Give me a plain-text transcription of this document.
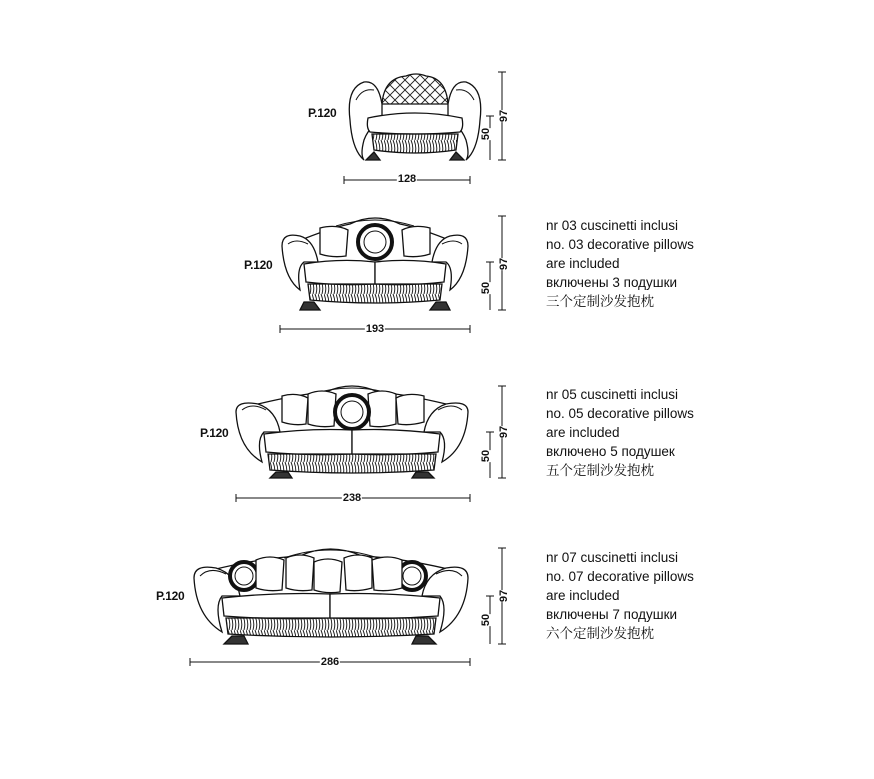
P.120
128
97
50
P.120
193
97
50
nr 03 cuscinetti inclusi
no. 03 decorative pillows
are included
включены 3 подушки
三个定制沙发抱枕
P.120
238
97
50
nr 05 cuscinetti inclusi
no. 05 decorative pillows
are included
включено 5 подушек
五个定制沙发抱枕
P.120
286
97
50
nr 07 cuscinetti inclusi
no. 07 decorative pillows
are included
включены 7 подушки
六个定制沙发抱枕
